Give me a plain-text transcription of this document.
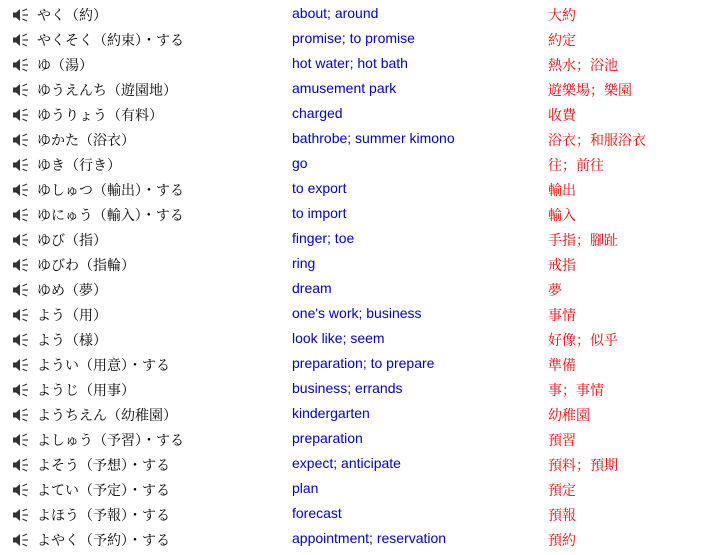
やく（約）	about; around	大約
やくそく（約束）・する	promise; to promise	約定
ゆ（湯）	hot water; hot bath	熱水；浴池
ゆうえんち（遊園地）	amusement park	遊樂場；樂園
ゆうりょう（有料）	charged	收費
ゆかた（浴衣）	bathrobe; summer kimono	浴衣；和服浴衣
ゆき（行き）	go	往；前往
ゆしゅつ（輸出）・する	to export	輸出
ゆにゅう（輸入）・する	to import	輸入
ゆび（指）	finger; toe	手指；腳趾
ゆびわ（指輪）	ring	戒指
ゆめ（夢）	dream	夢
よう（用）	one's work; business	事情
よう（様）	look like; seem	好像；似乎
ようい（用意）・する	preparation; to prepare	準備
ようじ（用事）	business; errands	事；事情
ようちえん（幼稚園）	kindergarten	幼稚園
よしゅう（予習）・する	preparation	預習
よそう（予想）・する	expect; anticipate	預料；預期
よてい（予定）・する	plan	預定
よほう（予報）・する	forecast	預報
よやく（予約）・する	appointment; reservation	預約
